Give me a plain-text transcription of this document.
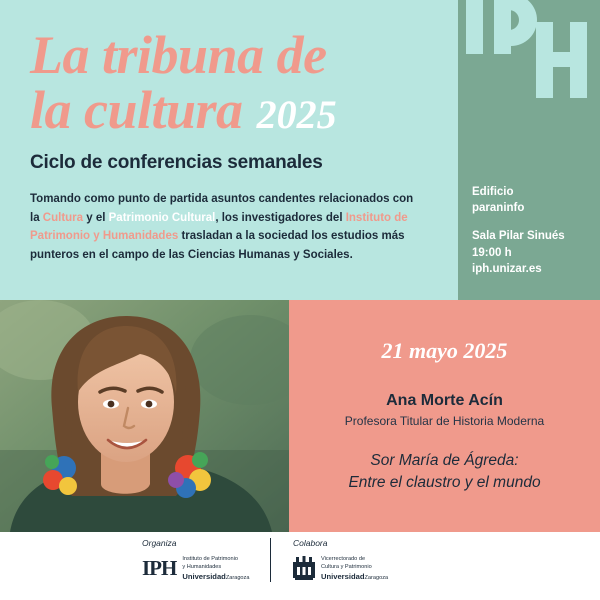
La tribuna de
la cultura 2025

Ciclo de conferencias semanales

Tomando como punto de partida asuntos candentes relacionados con la Cultura y el Patrimonio Cultural, los investigadores del Instituto de Patrimonio y Humanidades trasladan a la sociedad los estudios más punteros en el campo de las Ciencias Humanas y Sociales.

Edificio
paraninfo
Sala Pilar Sinués
19:00 h
iph.unizar.es

21 mayo 2025

Ana Morte Acín

Profesora Titular de Historia Moderna

Sor María de Ágreda:
Entre el claustro y el mundo

Organiza

IPH Instituto de Patrimonio
y Humanidades
UniversidadZaragoza

Colabora

Vicerrectorado de
Cultura y Patrimonio
UniversidadZaragoza
